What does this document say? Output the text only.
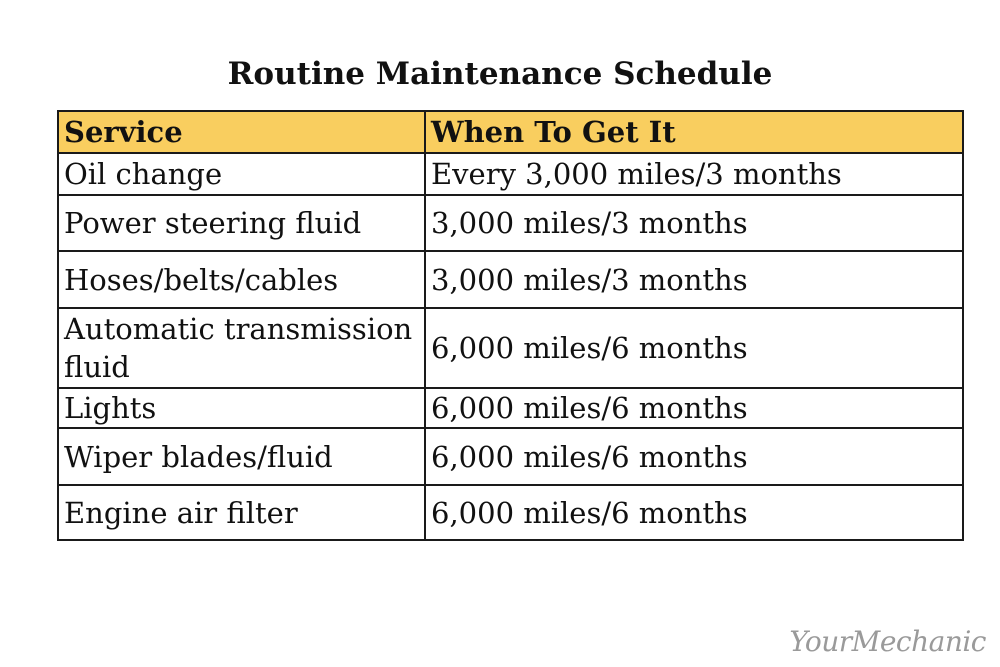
Routine Maintenance Schedule
Service	When To Get It
Oil change	Every 3,000 miles/3 months
Power steering fluid	3,000 miles/3 months
Hoses/belts/cables	3,000 miles/3 months
Automatic transmission fluid	6,000 miles/6 months
Lights	6,000 miles/6 months
Wiper blades/fluid	6,000 miles/6 months
Engine air filter	6,000 miles/6 months
YourMechanic
